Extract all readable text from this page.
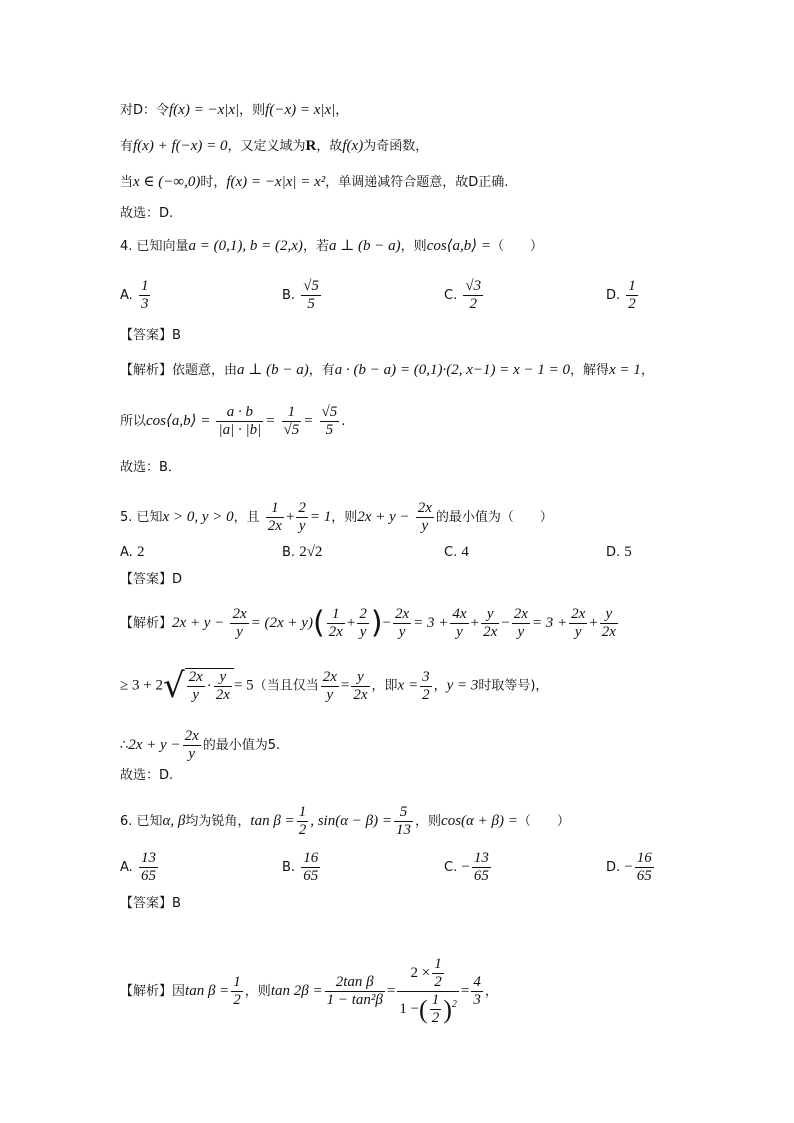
对D：令f(x) = −x|x|，则f(−x) = x|x|，
有f(x) + f(−x) = 0，又定义域为R，故f(x)为奇函数，
当x ∈ (−∞,0)时，f(x) = −x|x| = x²，单调递减符合题意，故D正确.
故选：D.
4. 已知向量a = (0,1), b = (2,x)，若a ⊥ (b − a)，则cos⟨a,b⟩ =（　　）
A. $\frac{1}{3}$	B. $\frac{√5}{5}$	C. $\frac{√3}{2}$	D. $\frac{1}{2}$
【答案】B
【解析】依题意，由a ⊥ (b − a)，有a · (b − a) = (0,1)·(2, x−1) = x − 1 = 0，解得x = 1，
所以cos⟨a,b⟩ = $\frac{a \cdot b}{|a| \cdot |b|} = \frac{1}{√5} = \frac{√5}{5}$ .
故选：B．
5. 已知x > 0, y > 0，且 $\frac{1}{2x} + \frac{2}{y} = 1$，则$2x + y - \frac{2x}{y}$ 的最小值为（　　）
A. 2	B. 2√2	C. 4	D. 5
【答案】D
【解析】$2x + y - \frac{2x}{y} = (2x + y)( \frac{1}{2x} + \frac{2}{y}$ )− $\frac{2x}{y} = 3 + \frac{4x}{y} + \frac{y}{2x} - \frac{2x}{y} = 3 + \frac{2x}{y} + \frac{y}{2x}$
≥ $3 + 2√ \frac{2x}{y} \cdot \frac{y}{2x} = 5$（当且仅当 $\frac{2x}{y} = \frac{y}{2x}$ ，即$x = \frac{3}{2}$ ，y = 3时取等号)，
∴2x + $y - \frac{2x}{y}$ 的最小值为5.
故选：D.
6. 已知α, β均为锐角，$\tan \beta = \frac{1}{2}$ , $\sin(\alpha - \beta) = \frac{5}{13}$ ，则cos(α + β) =（　　）
A. $\frac{13}{65}$	B. $\frac{16}{65}$	C. − $\frac{13}{65}$	D. − $\frac{16}{65}$
【答案】B
【解析】因$\tan \beta = \frac{1}{2}$ ，则$\tan 2\beta = \frac{\text{2tan β}}{\text{1 − tan²β}} = \frac{2 \times \frac{1}{2}}{1 -( \frac{1}{2} )^2} = \frac{4}{3}$ ，
